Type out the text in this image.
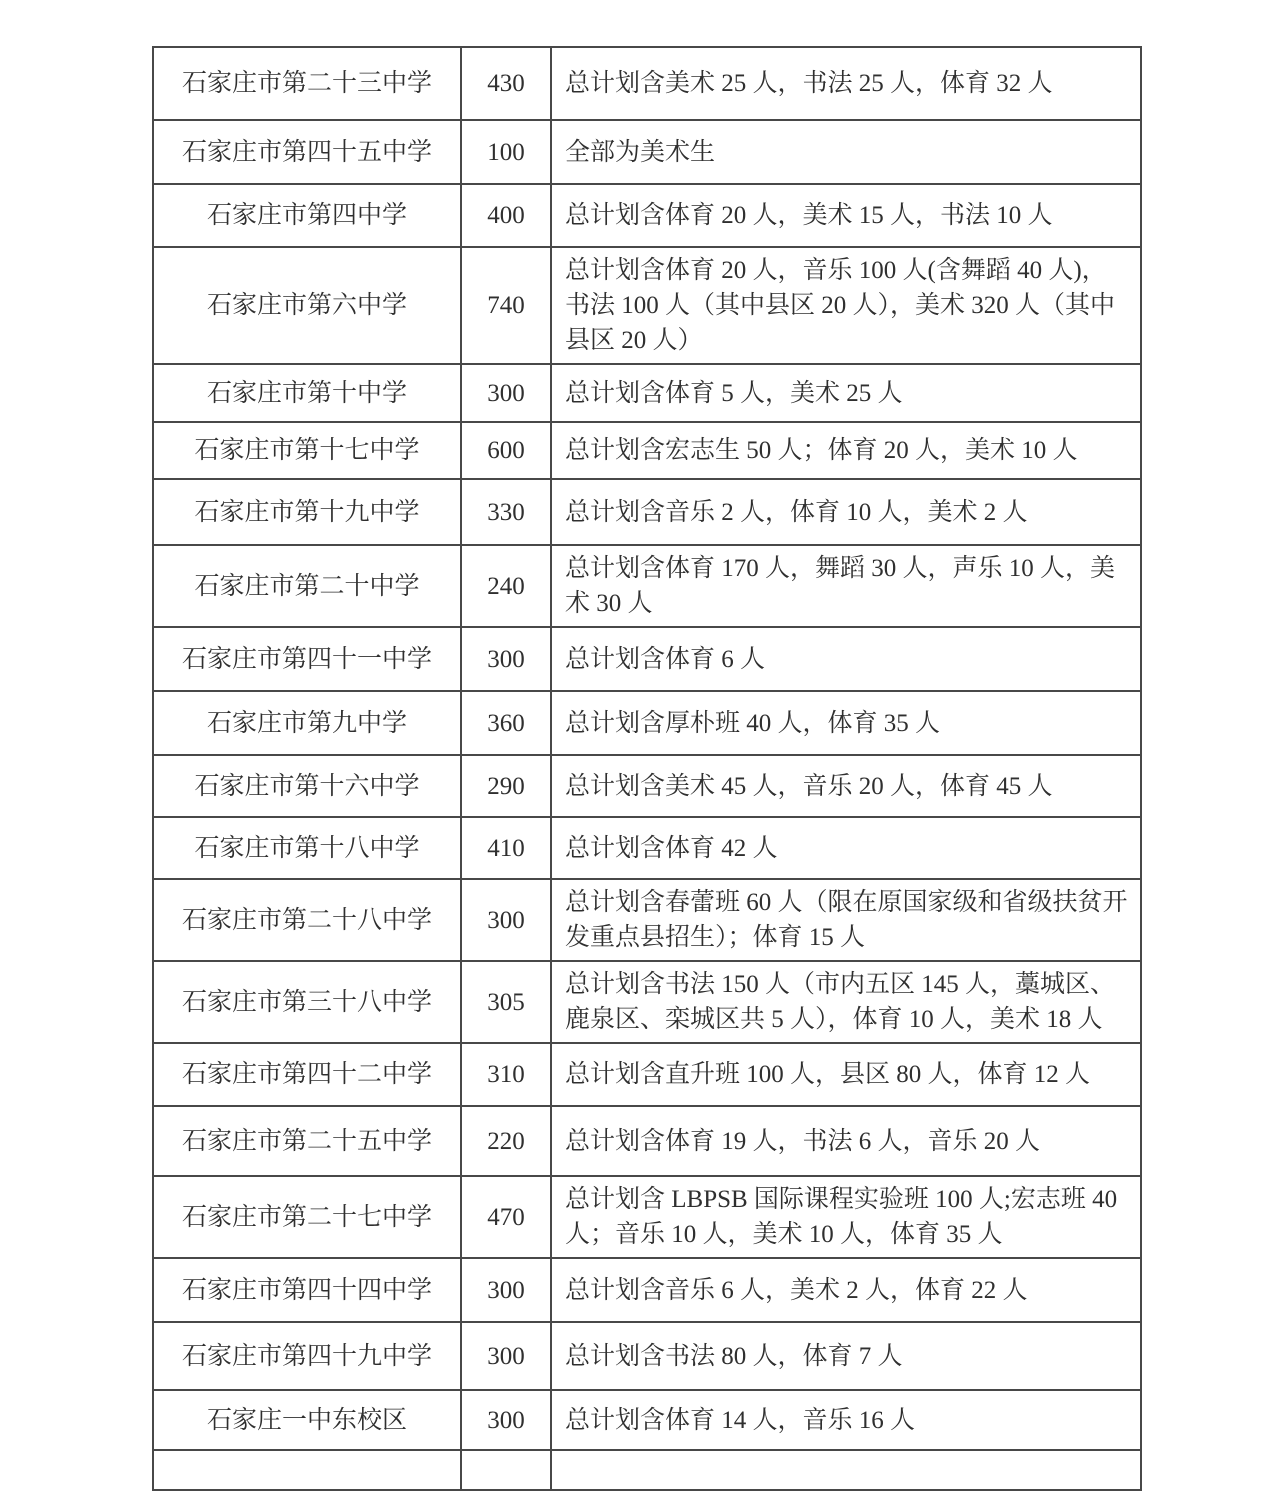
石家庄市第二十三中学	430	总计划含美术 25 人，书法 25 人，体育 32 人
石家庄市第四十五中学	100	全部为美术生
石家庄市第四中学	400	总计划含体育 20 人，美术 15 人，书法 10 人
石家庄市第六中学	740	总计划含体育 20 人，音乐 100 人(含舞蹈 40 人)，书法 100 人（其中县区 20 人），美术 320 人（其中县区 20 人）
石家庄市第十中学	300	总计划含体育 5 人，美术 25 人
石家庄市第十七中学	600	总计划含宏志生 50 人；体育 20 人，美术 10 人
石家庄市第十九中学	330	总计划含音乐 2 人，体育 10 人，美术 2 人
石家庄市第二十中学	240	总计划含体育 170 人，舞蹈 30 人，声乐 10 人，美术 30 人
石家庄市第四十一中学	300	总计划含体育 6 人
石家庄市第九中学	360	总计划含厚朴班 40 人，体育 35 人
石家庄市第十六中学	290	总计划含美术 45 人，音乐 20 人，体育 45 人
石家庄市第十八中学	410	总计划含体育 42 人
石家庄市第二十八中学	300	总计划含春蕾班 60 人（限在原国家级和省级扶贫开发重点县招生）；体育 15 人
石家庄市第三十八中学	305	总计划含书法 150 人（市内五区 145 人，藁城区、鹿泉区、栾城区共 5 人），体育 10 人，美术 18 人
石家庄市第四十二中学	310	总计划含直升班 100 人，县区 80 人，体育 12 人
石家庄市第二十五中学	220	总计划含体育 19 人，书法 6 人，音乐 20 人
石家庄市第二十七中学	470	总计划含 LBPSB 国际课程实验班 100 人;宏志班 40 人；音乐 10 人，美术 10 人，体育 35 人
石家庄市第四十四中学	300	总计划含音乐 6 人，美术 2 人，体育 22 人
石家庄市第四十九中学	300	总计划含书法 80 人，体育 7 人
石家庄一中东校区	300	总计划含体育 14 人，音乐 16 人
